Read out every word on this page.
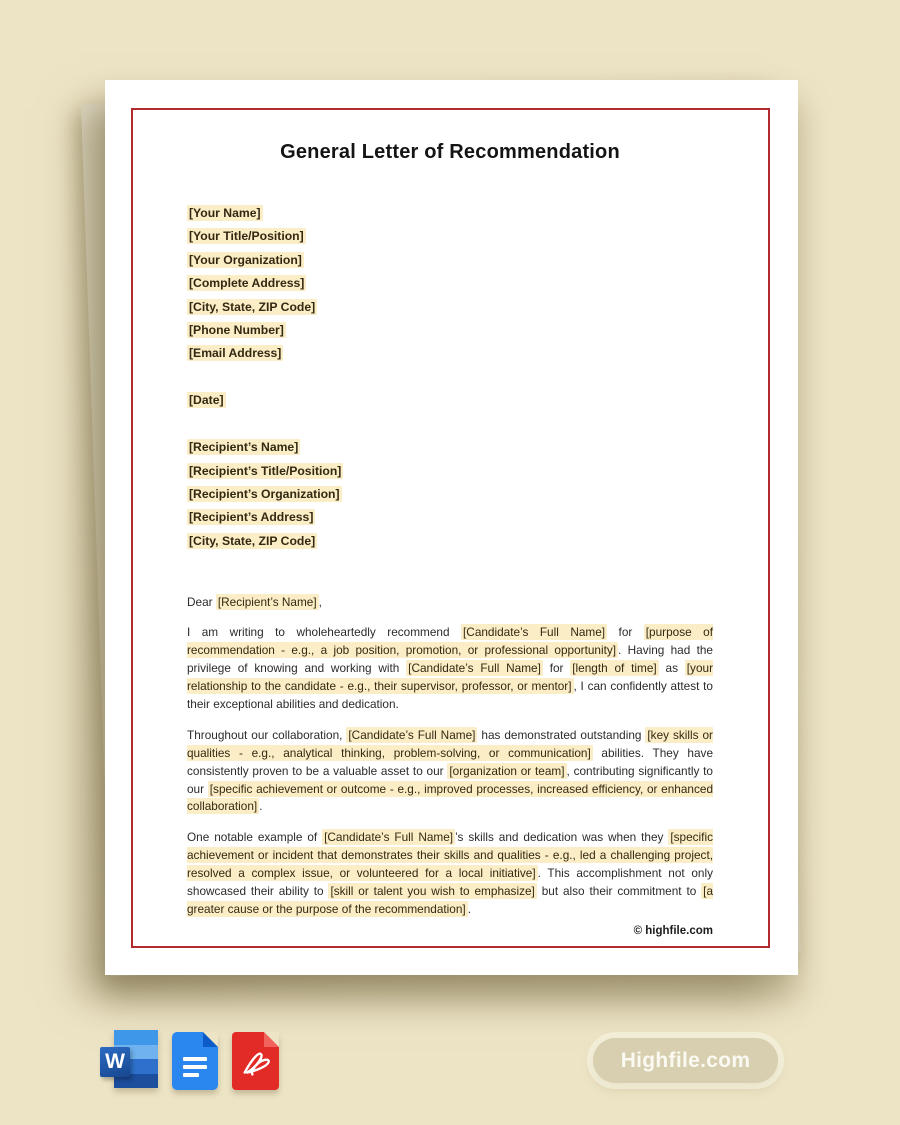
General Letter of Recommendation
[Your Name]
[Your Title/Position]
[Your Organization]
[Complete Address]
[City, State, ZIP Code]
[Phone Number]
[Email Address]
[Date]
[Recipient’s Name]
[Recipient’s Title/Position]
[Recipient’s Organization]
[Recipient’s Address]
[City, State, ZIP Code]
Dear [Recipient’s Name] ,

I am writing to wholeheartedly recommend [Candidate’s Full Name] for [purpose of recommendation - e.g., a job position, promotion, or professional opportunity] . Having had the privilege of knowing and working with [Candidate’s Full Name] for [length of time] as [your relationship to the candidate - e.g., their supervisor, professor, or mentor] , I can confidently attest to their exceptional abilities and dedication.

Throughout our collaboration, [Candidate’s Full Name] has demonstrated outstanding [key skills or qualities - e.g., analytical thinking, problem-solving, or communication] abilities. They have consistently proven to be a valuable asset to our [organization or team] , contributing significantly to our [specific achievement or outcome - e.g., improved processes, increased efficiency, or enhanced collaboration] .

One notable example of [Candidate’s Full Name] ’s skills and dedication was when they [specific achievement or incident that demonstrates their skills and qualities - e.g., led a challenging project, resolved a complex issue, or volunteered for a local initiative] . This accomplishment not only showcased their ability to [skill or talent you wish to emphasize] but also their commitment to [a greater cause or the purpose of the recommendation] .

© highfile.com
W	Highfile.com
